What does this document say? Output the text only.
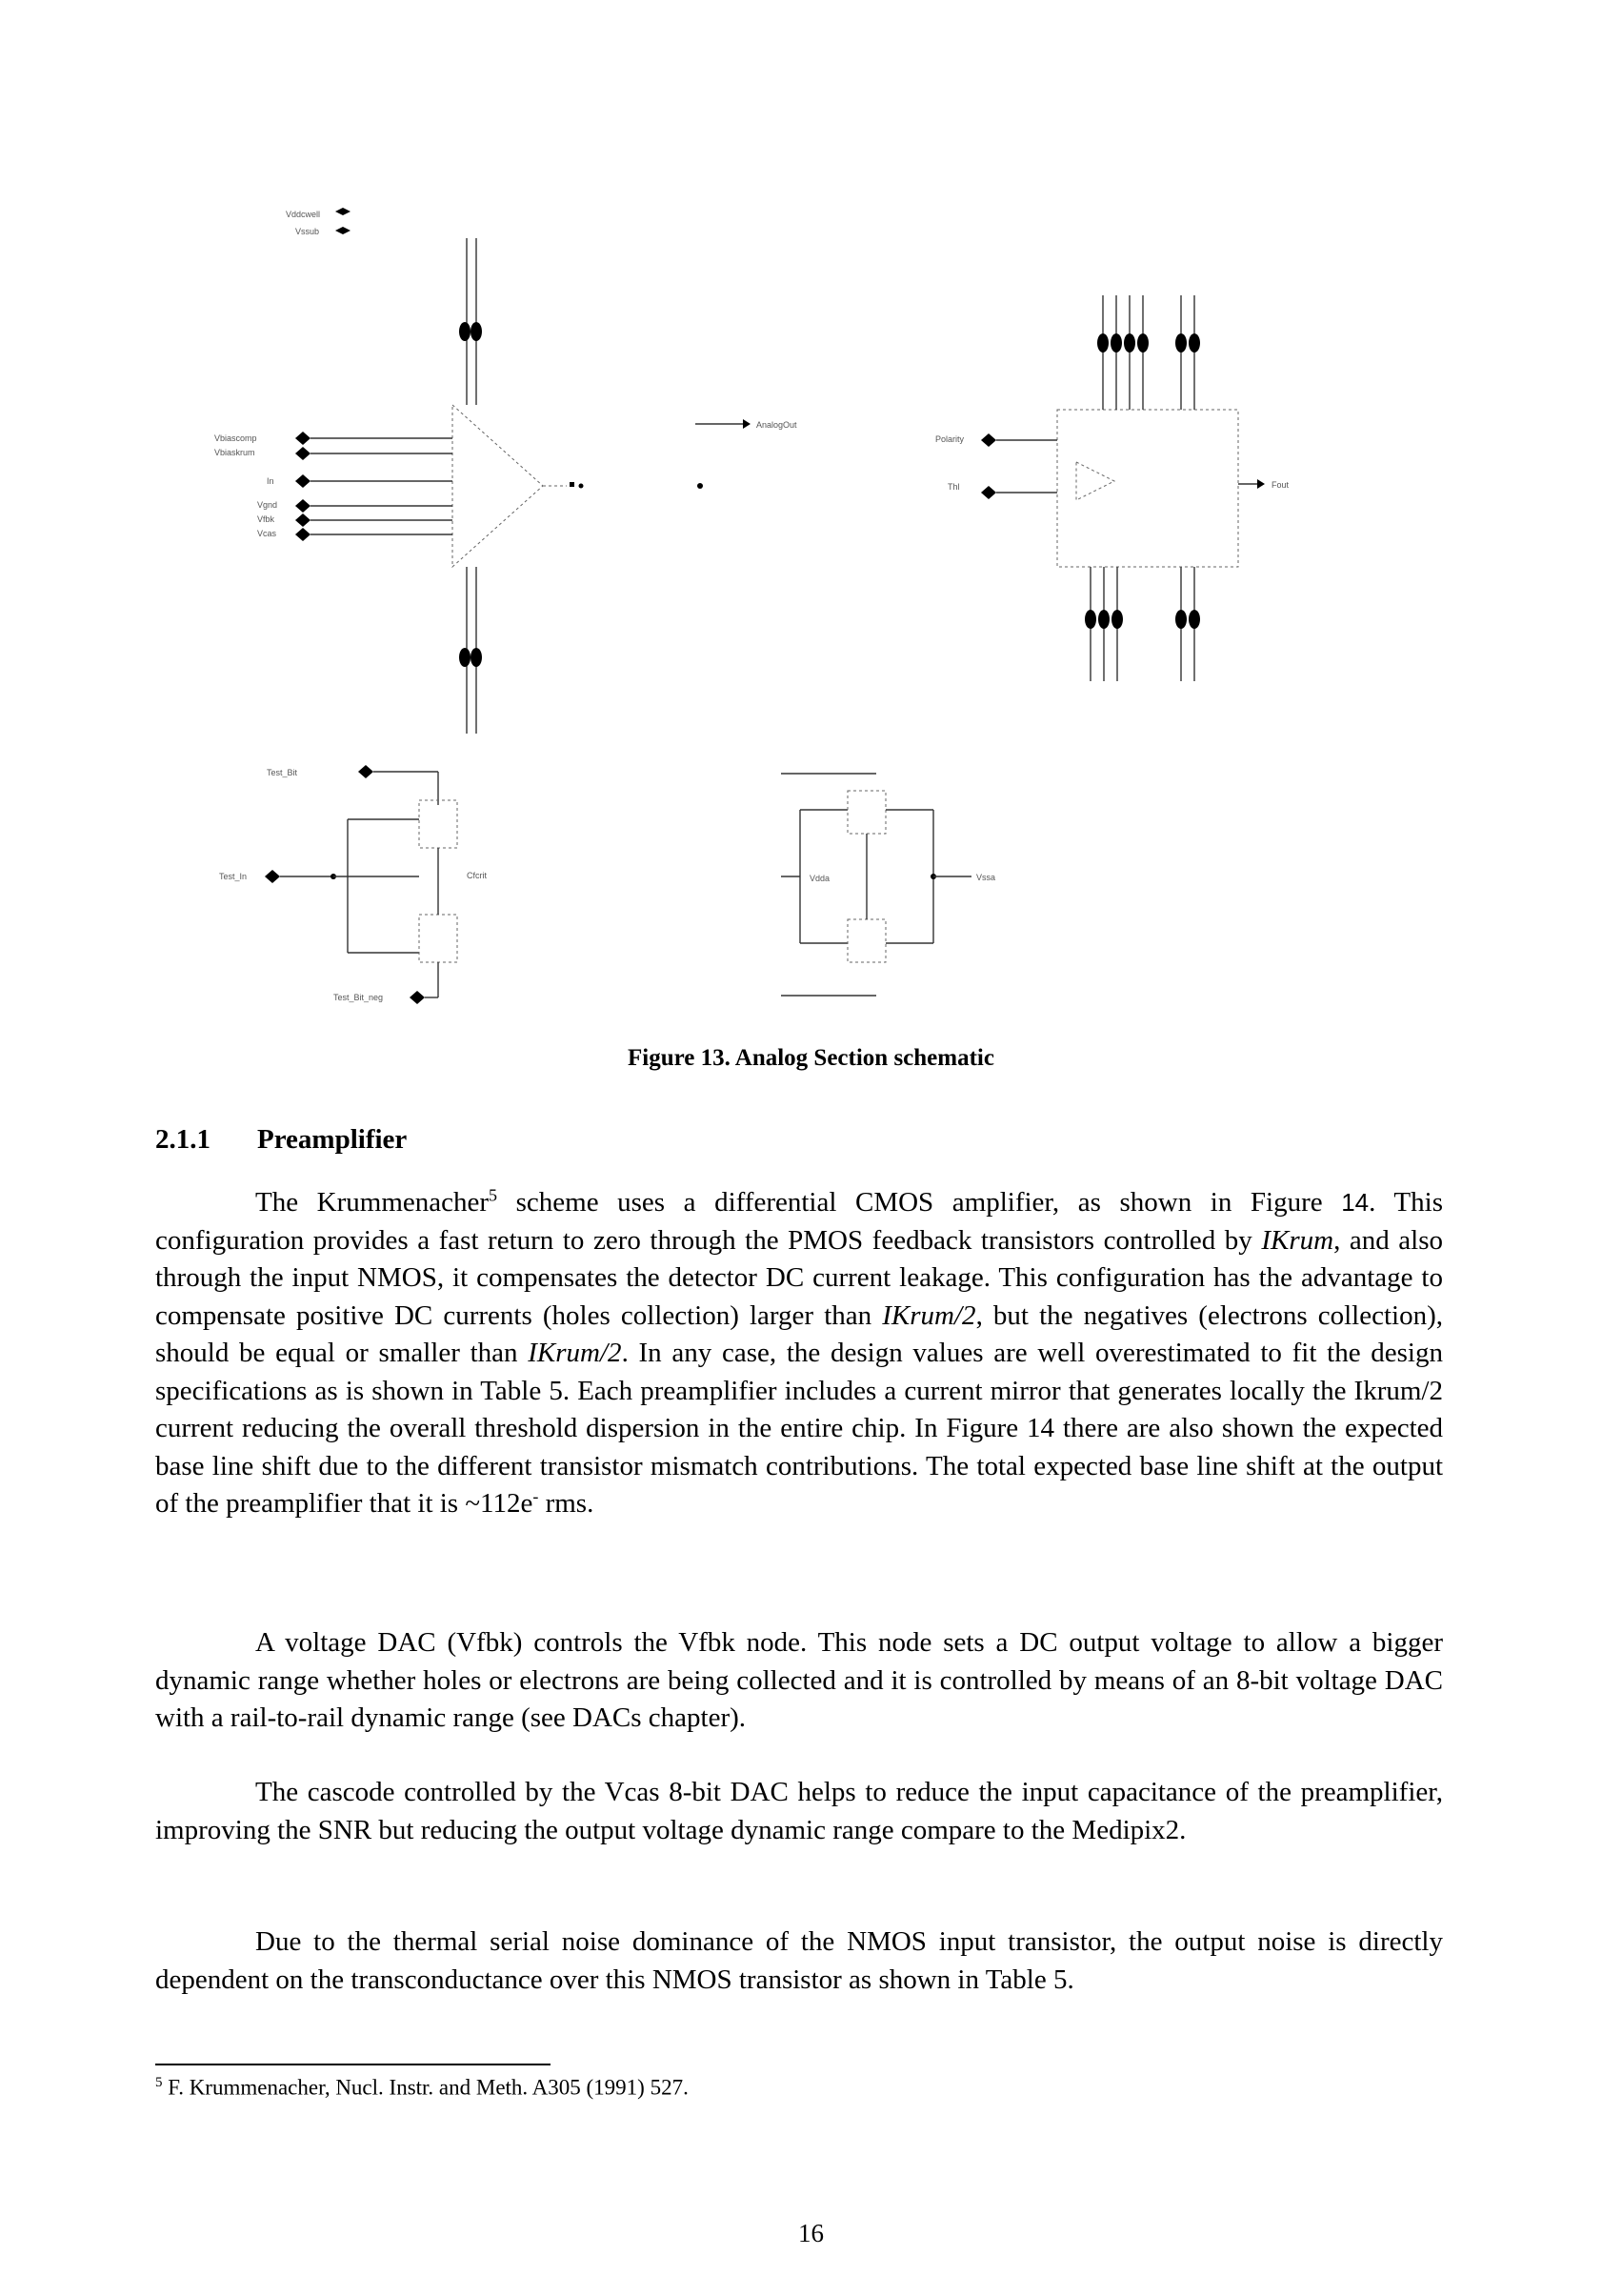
Vddcwell
Vssub
Vbiascomp
Vbiaskrum
In
Vgnd
Vfbk
Vcas
AnalogOut
Polarity
Thl	Fout
Test_Bit
Test_In
Test_Bit_neg
Cfcrit	Vssa
Vdda
Figure 13. Analog Section schematic
2.1.1 Preamplifier

The Krummenacher$^5$ scheme uses a differential CMOS amplifier, as shown in Figure 14. This configuration provides a fast return to zero through the PMOS feedback transistors controlled by IKrum, and also through the input NMOS, it compensates the detector DC current leakage. This configuration has the advantage to compensate positive DC currents (holes collection) larger than IKrum/2, but the negatives (electrons collection), should be equal or smaller than IKrum/2. In any case, the design values are well overestimated to fit the design specifications as is shown in Table 5. Each preamplifier includes a current mirror that generates locally the Ikrum/2 current reducing the overall threshold dispersion in the entire chip. In Figure 14 there are also shown the expected base line shift due to the different transistor mismatch contributions. The total expected base line shift at the output of the preamplifier that it is ~112e- rms.

A voltage DAC (Vfbk) controls the Vfbk node. This node sets a DC output voltage to allow a bigger dynamic range whether holes or electrons are being collected and it is controlled by means of an 8-bit voltage DAC with a rail-to-rail dynamic range (see DACs chapter).

The cascode controlled by the Vcas 8-bit DAC helps to reduce the input capacitance of the preamplifier, improving the SNR but reducing the output voltage dynamic range compare to the Medipix2.

Due to the thermal serial noise dominance of the NMOS input transistor, the output noise is directly dependent on the transconductance over this NMOS transistor as shown in Table 5.

$^5$ F. Krummenacher, Nucl. Instr. and Meth. A305 (1991) 527.
16
